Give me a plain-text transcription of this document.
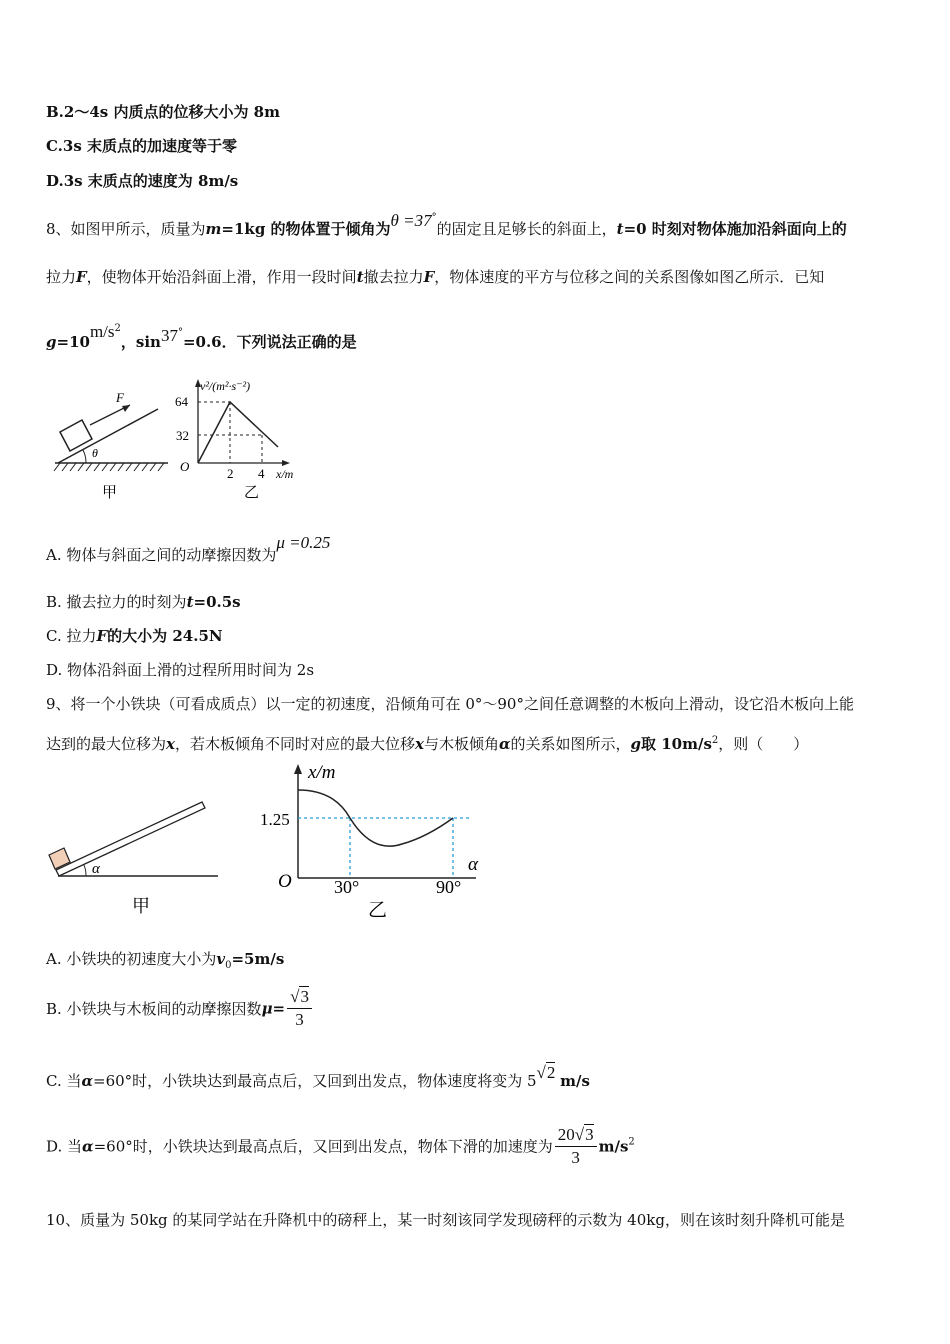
B.2～4s 内质点的位移大小为 8m
C.3s 末质点的加速度等于零
D.3s 末质点的速度为 8m/s
8、如图甲所示，质量为m=1kg 的物体置于倾角为θ =37°的固定且足够长的斜面上，t=0 时刻对物体施加沿斜面向上的
拉力F，使物体开始沿斜面上滑，作用一段时间t撤去拉力F，物体速度的平方与位移之间的关系图像如图乙所示．已知
$g=10m/s^2$，sin37°=0.6．下列说法正确的是
F
θ
甲
v²/(m²·s⁻²)
x/m
O
64
32
2 4
乙
A. 物体与斜面之间的动摩擦因数为μ =0.25
B. 撤去拉力的时刻为t=0.5s
C. 拉力F的大小为 24.5N
D. 物体沿斜面上滑的过程所用时间为 2s
9、将一个小铁块（可看成质点）以一定的初速度，沿倾角可在 0°～90°之间任意调整的木板向上滑动，设它沿木板向上能
达到的最大位移为x，若木板倾角不同时对应的最大位移x与木板倾角α的关系如图所示，g取 $10m/s^2$，则（　　）
α
甲
x/m
α
O
1.25
30°	90°
乙
A. 小铁块的初速度大小为$v_0=5m/s$
B. 小铁块与木板间的动摩擦因数$\mu= \frac{√3}{3}$
C. 当α=60°时，小铁块达到最高点后，又回到出发点，物体速度将变为 5√2 m/s
D. 当α=60°时，小铁块达到最高点后，又回到出发点，物体下滑的加速度为 $\frac{20√3}{3} m/s^2$
10、质量为 50kg 的某同学站在升降机中的磅秤上，某一时刻该同学发现磅秤的示数为 40kg，则在该时刻升降机可能是
